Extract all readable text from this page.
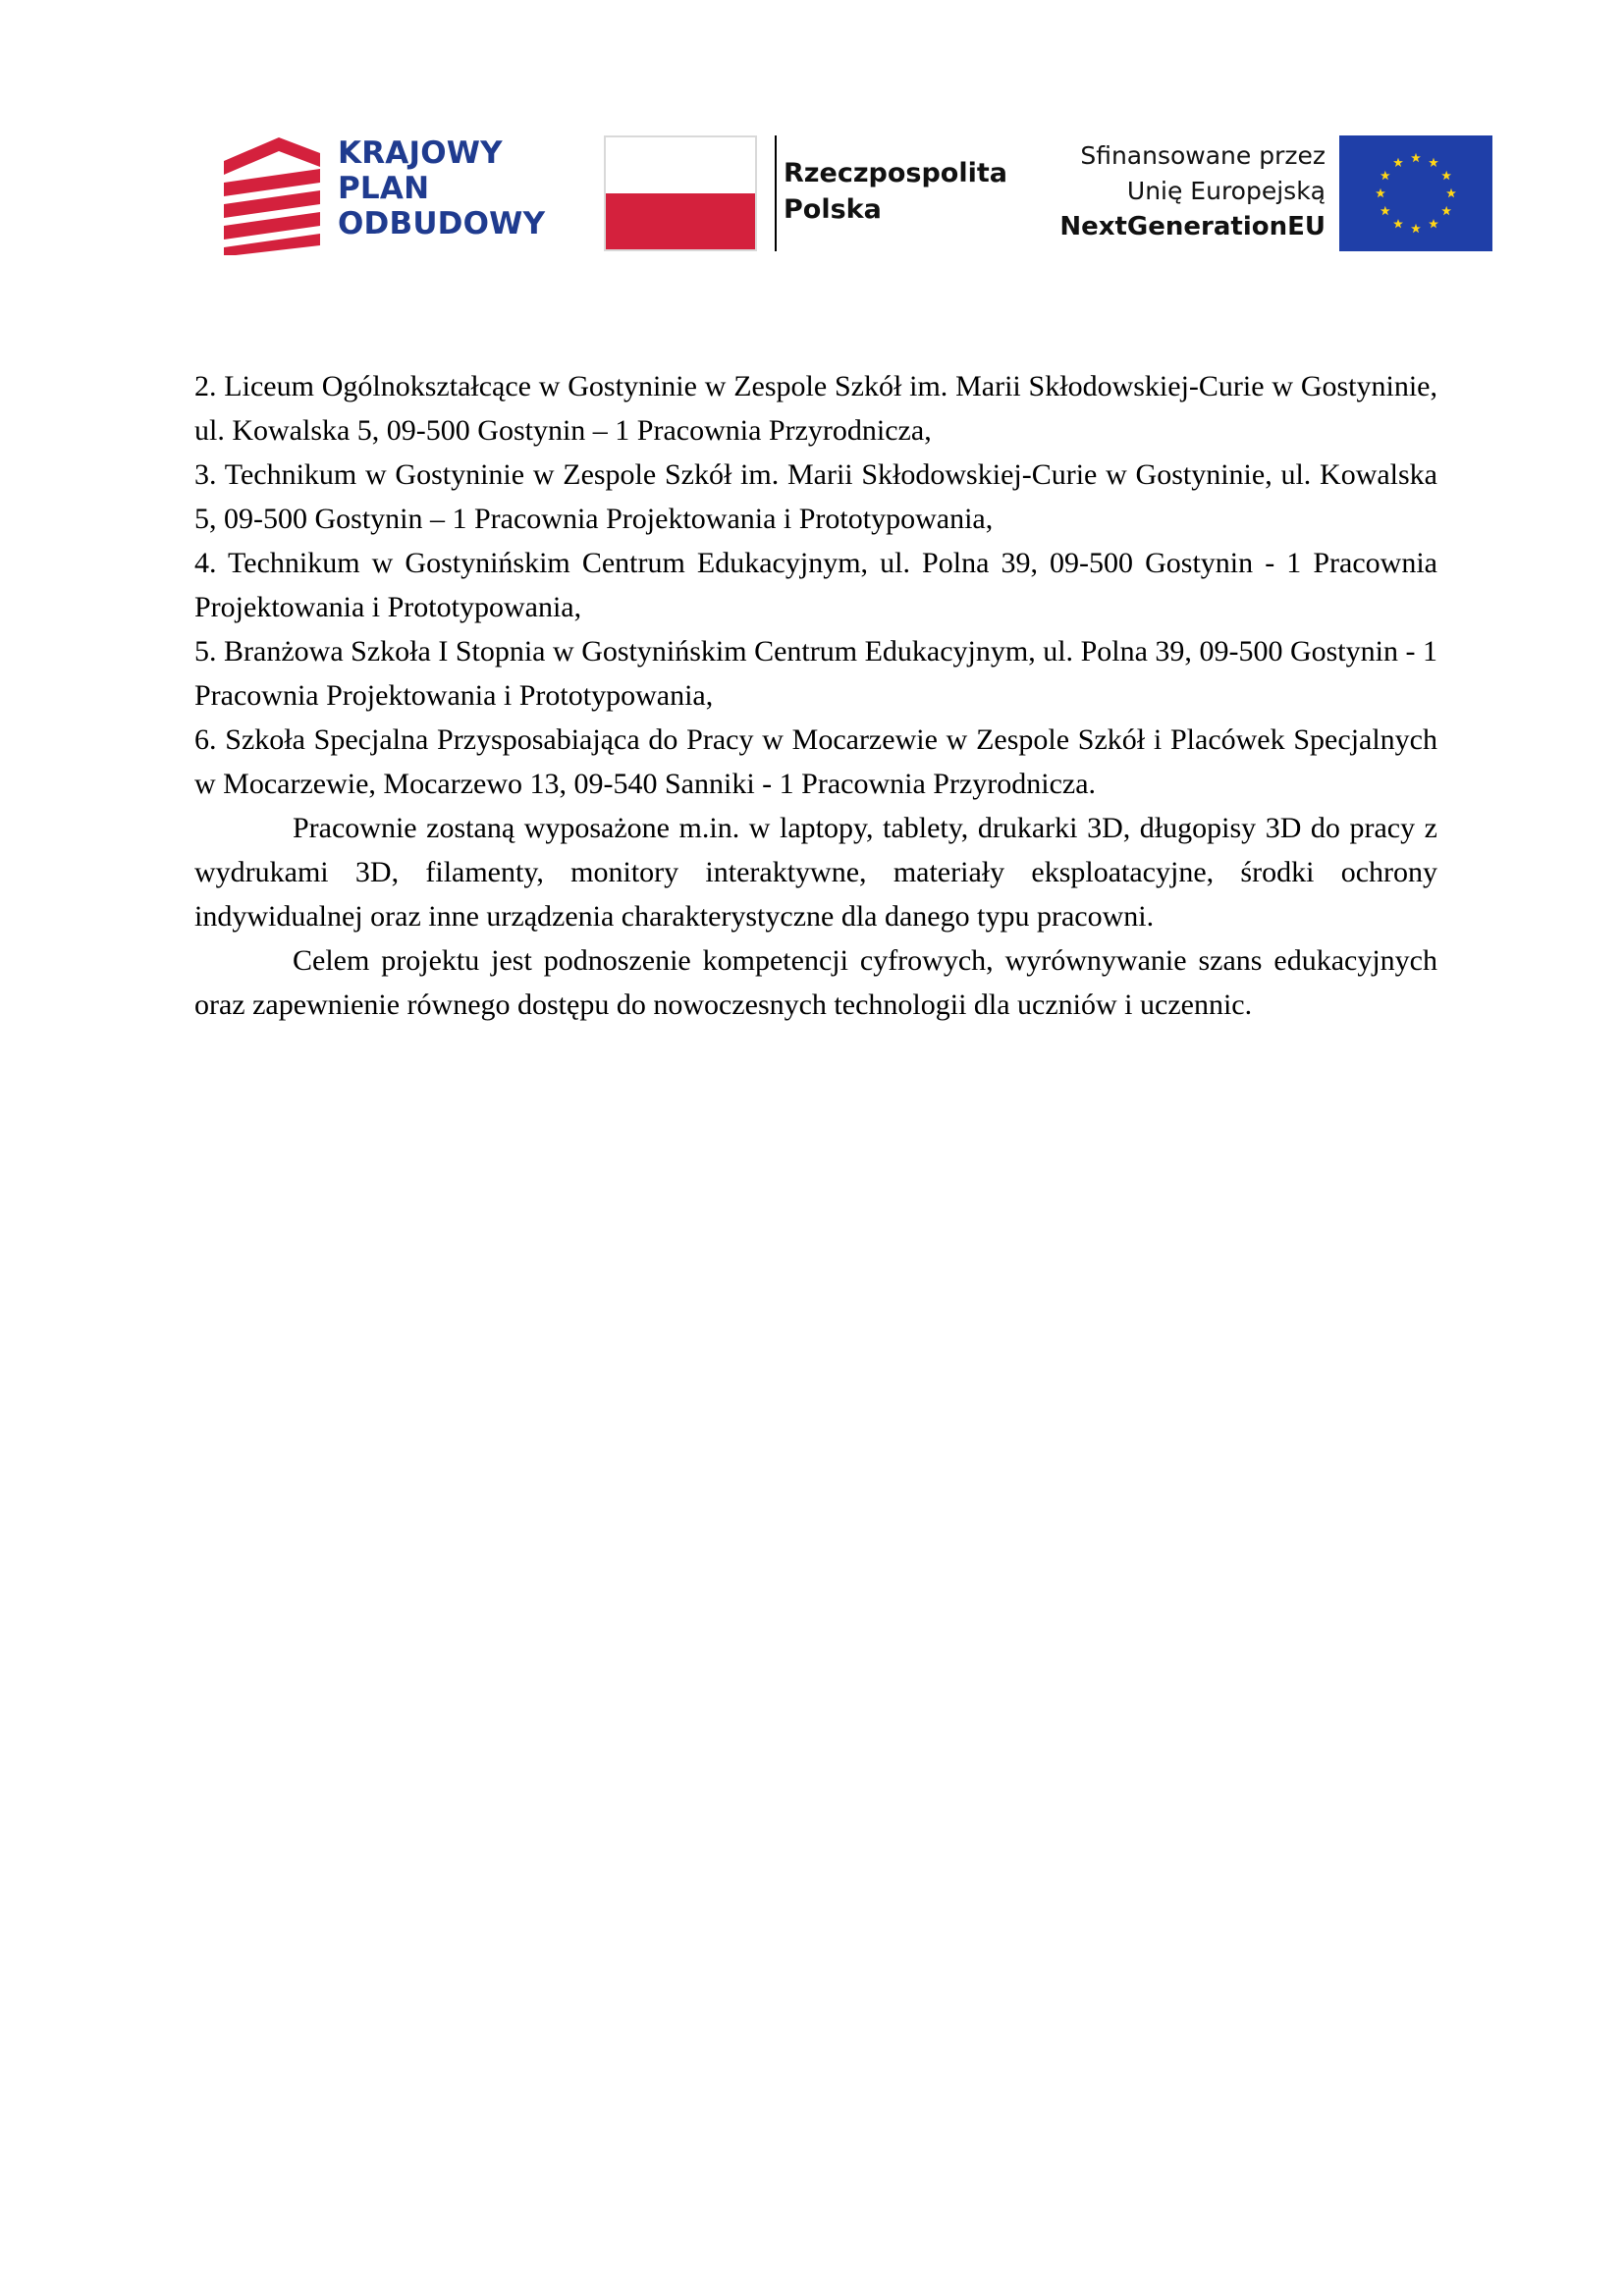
KRAJOWY
PLAN
ODBUDOWY
Rzeczpospolita
Polska
Sfinansowane przez
Unię Europejską
NextGenerationEU

2. Liceum Ogólnokształcące w Gostyninie w Zespole Szkół im. Marii Skłodowskiej-Curie w Gostyninie, ul. Kowalska 5, 09-500 Gostynin – 1 Pracownia Przyrodnicza,

3. Technikum w Gostyninie w Zespole Szkół im. Marii Skłodowskiej-Curie w Gostyninie, ul. Kowalska 5, 09-500 Gostynin – 1 Pracownia Projektowania i Prototypowania,

4. Technikum w Gostynińskim Centrum Edukacyjnym, ul. Polna 39, 09-500 Gostynin - 1 Pracownia Projektowania i Prototypowania,

5. Branżowa Szkoła I Stopnia w Gostynińskim Centrum Edukacyjnym, ul. Polna 39, 09-500 Gostynin - 1 Pracownia Projektowania i Prototypowania,

6. Szkoła Specjalna Przysposabiająca do Pracy w Mocarzewie w Zespole Szkół i Placówek Specjalnych w Mocarzewie, Mocarzewo 13, 09-540 Sanniki - 1 Pracownia Przyrodnicza.

Pracownie zostaną wyposażone m.in. w laptopy, tablety, drukarki 3D, długopisy 3D do pracy z wydrukami 3D, filamenty, monitory interaktywne, materiały eksploatacyjne, środki ochrony indywidualnej oraz inne urządzenia charakterystyczne dla danego typu pracowni.

Celem projektu jest podnoszenie kompetencji cyfrowych, wyrównywanie szans edukacyjnych oraz zapewnienie równego dostępu do nowoczesnych technologii dla uczniów i uczennic.
